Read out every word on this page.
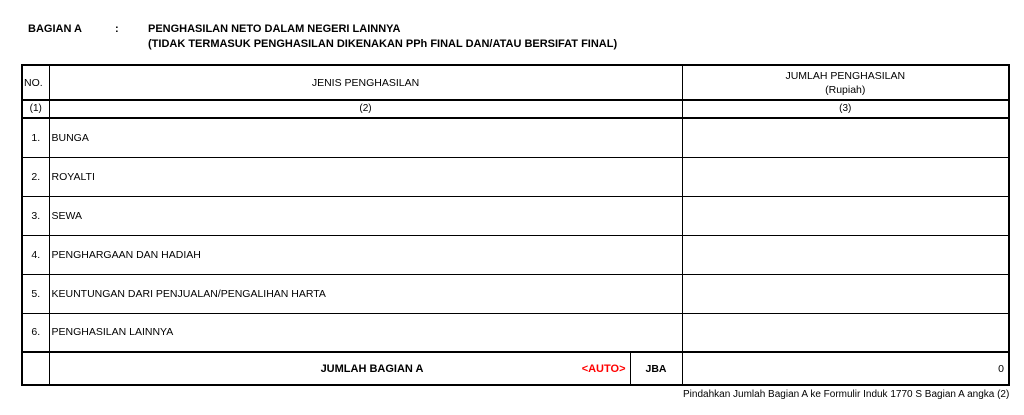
BAGIAN A	:	PENGHASILAN NETO DALAM NEGERI LAINNYA
(TIDAK TERMASUK PENGHASILAN DIKENAKAN PPh FINAL DAN/ATAU BERSIFAT FINAL)
NO.	JENIS PENGHASILAN		JUMLAH PENGHASILAN
(Rupiah)

(1)	(2)		(3)
1.	BUNGA		
2.	ROYALTI		
3.	SEWA		
4.	PENGHARGAAN DAN HADIAH		
5.	KEUNTUNGAN DARI PENJUALAN/PENGALIHAN HARTA		
6.	PENGHASILAN LAINNYA		
	JUMLAH BAGIAN A <AUTO>	JBA	0
Pindahkan Jumlah Bagian A ke Formulir Induk 1770 S Bagian A angka (2)
